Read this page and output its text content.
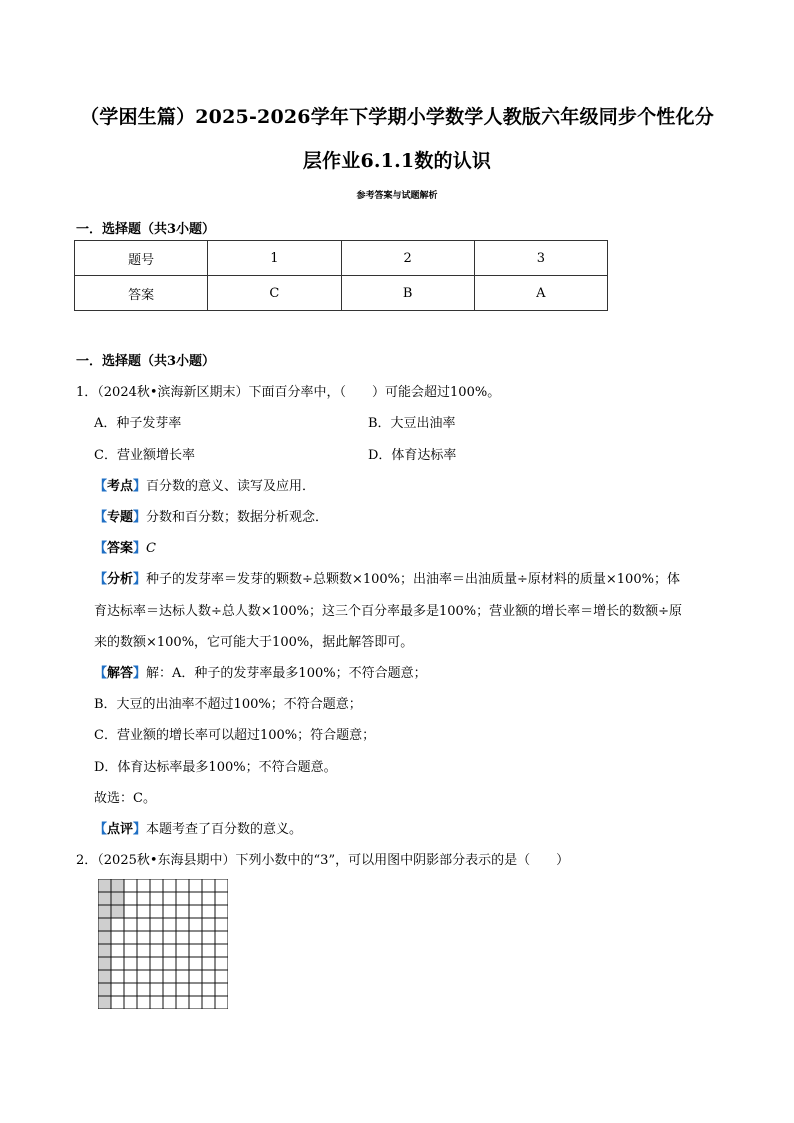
（学困生篇）2025-2026学年下学期小学数学人教版六年级同步个性化分
层作业6.1.1数的认识
参考答案与试题解析
一．选择题（共3小题）
题号	1	2	3
答案	C	B	A
一．选择题（共3小题）
1．（2024秋•滨海新区期末）下面百分率中，（　　）可能会超过100%。
A．种子发芽率	B．大豆出油率
C．营业额增长率	D．体育达标率
【考点】百分数的意义、读写及应用．
【专题】分数和百分数；数据分析观念．
【答案】C
【分析】种子的发芽率＝发芽的颗数÷总颗数×100%；出油率＝出油质量÷原材料的质量×100%；体
育达标率＝达标人数÷总人数×100%；这三个百分率最多是100%；营业额的增长率＝增长的数额÷原
来的数额×100%，它可能大于100%，据此解答即可。
【解答】解：A．种子的发芽率最多100%；不符合题意；
B．大豆的出油率不超过100%；不符合题意；
C．营业额的增长率可以超过100%；符合题意；
D．体育达标率最多100%；不符合题意。
故选：C。
【点评】本题考查了百分数的意义。
2．（2025秋•东海县期中）下列小数中的“3”，可以用图中阴影部分表示的是（　　）
